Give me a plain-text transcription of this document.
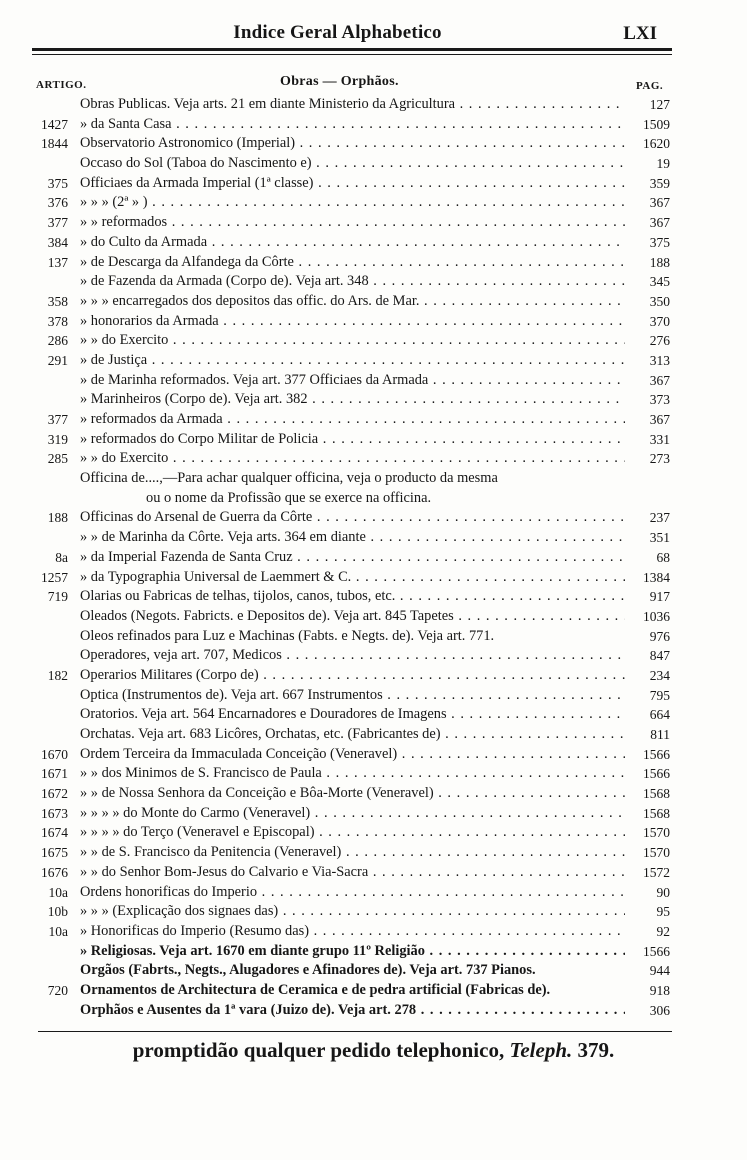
Indice Geral Alphabetico	LXI
ARTIGO.	Obras — Orphãos.	PAG.
Obras Publicas. Veja arts. 21 em diante Ministerio da Agricultura . . .	127
1427 » da Santa Casa . . .	1509
1844 Observatorio Astronomico (Imperial) . . .	1620
Occaso do Sol (Taboa do Nascimento e) . . .	19
375 Officiaes da Armada Imperial (1ª classe) . . .	359
376 » » » (2ª » ) . . .	367
377 » » reformados . . .	367
384 » do Culto da Armada . . .	375
137 » de Descarga da Alfandega da Côrte . . .	188
» de Fazenda da Armada (Corpo de). Veja art. 348 . . .	345
358 » » » encarregados dos depositos das offic. do Ars. de Mar. . . .	350
378 » honorarios da Armada . . .	370
286 » » do Exercito . . .	276
291 » de Justiça . . .	313
» de Marinha reformados. Veja art. 377 Officiaes da Armada . . .	367
» Marinheiros (Corpo de). Veja art. 382 . . .	373
377 » reformados da Armada . . .	367
319 » reformados do Corpo Militar de Policia . . .	331
285 » » do Exercito . . .	273
Officina de....,—Para achar qualquer officina, veja o producto da mesma
ou o nome da Profissão que se exerce na officina.
188 Officinas do Arsenal de Guerra da Côrte . . .	237
» » de Marinha da Côrte. Veja arts. 364 em diante . . .	351
8a » da Imperial Fazenda de Santa Cruz . . .	68
1257 » da Typographia Universal de Laemmert & C. . . .	1384
719 Olarias ou Fabricas de telhas, tijolos, canos, tubos, etc. . . .	917
Oleados (Negots. Fabricts. e Depositos de). Veja art. 845 Tapetes . . .	1036
Oleos refinados para Luz e Machinas (Fabts. e Negts. de). Veja art. 771.	976
Operadores, veja art. 707, Medicos . . .	847
182 Operarios Militares (Corpo de) . . .	234
Optica (Instrumentos de). Veja art. 667 Instrumentos . . .	795
Oratorios. Veja art. 564 Encarnadores e Douradores de Imagens . . .	664
Orchatas. Veja art. 683 Licôres, Orchatas, etc. (Fabricantes de) . . .	811
1670 Ordem Terceira da Immaculada Conceição (Veneravel) . . .	1566
1671 » » dos Minimos de S. Francisco de Paula . . .	1566
1672 » » de Nossa Senhora da Conceição e Bôa-Morte (Veneravel) . . .	1568
1673 » » » » do Monte do Carmo (Veneravel) . . .	1568
1674 » » » » do Terço (Veneravel e Episcopal) . . .	1570
1675 » » de S. Francisco da Penitencia (Veneravel) . . .	1570
1676 » » do Senhor Bom-Jesus do Calvario e Via-Sacra . . .	1572
10a Ordens honorificas do Imperio . . .	90
10b » » » (Explicação dos signaes das) . . .	95
10a » Honorificas do Imperio (Resumo das) . . .	92
» Religiosas. Veja art. 1670 em diante grupo 11º Religião . . .	1566
Orgãos (Fabrts., Negts., Alugadores e Afinadores de). Veja art. 737 Pianos.	944
720 Ornamentos de Architectura de Ceramica e de pedra artificial (Fabricas de).	918
Orphãos e Ausentes da 1ª vara (Juizo de). Veja art. 278 . . .	306
promptidão qualquer pedido telephonico, Teleph. 379.
